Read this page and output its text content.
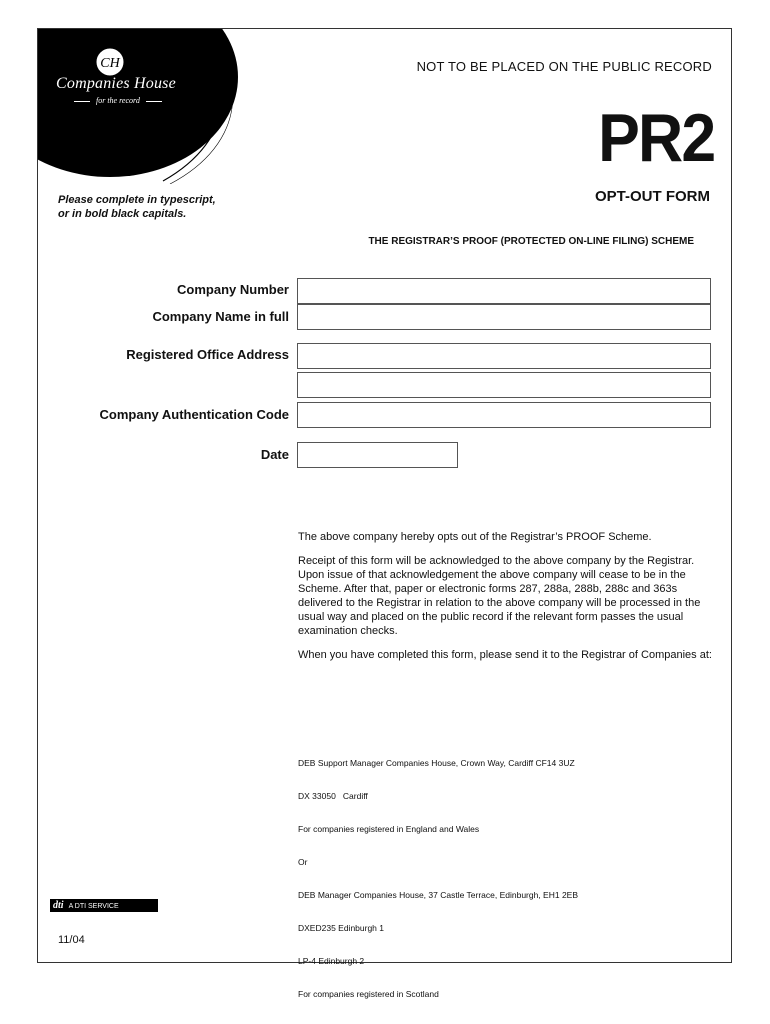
CH
Companies House
for the record
NOT TO BE PLACED ON THE PUBLIC RECORD
PR2
Please complete in typescript,
or in bold black capitals.
OPT-OUT FORM
THE REGISTRAR’S PROOF (PROTECTED ON-LINE FILING) SCHEME
Company Number
Company Name in full
Registered Office Address
Company Authentication Code
Date

The above company hereby opts out of the Registrar’s PROOF Scheme.

Receipt of this form will be acknowledged to the above company by the Registrar. Upon issue of that acknowledgement the above company will cease to be in the Scheme. After that, paper or electronic forms 287, 288a, 288b, 288c and 363s delivered to the Registrar in relation to the above company will be processed in the usual way and placed on the public record if the relevant form passes the usual examination checks.

When you have completed this form, please send it to the Registrar of Companies at:

DEB Support Manager Companies House, Crown Way, Cardiff CF14 3UZ

DX 33050   Cardiff

For companies registered in England and Wales

Or

DEB Manager Companies House, 37 Castle Terrace, Edinburgh, EH1 2EB

DXED235 Edinburgh 1

LP-4 Edinburgh 2

For companies registered in Scotland

dti A DTI SERVICE
11/04
